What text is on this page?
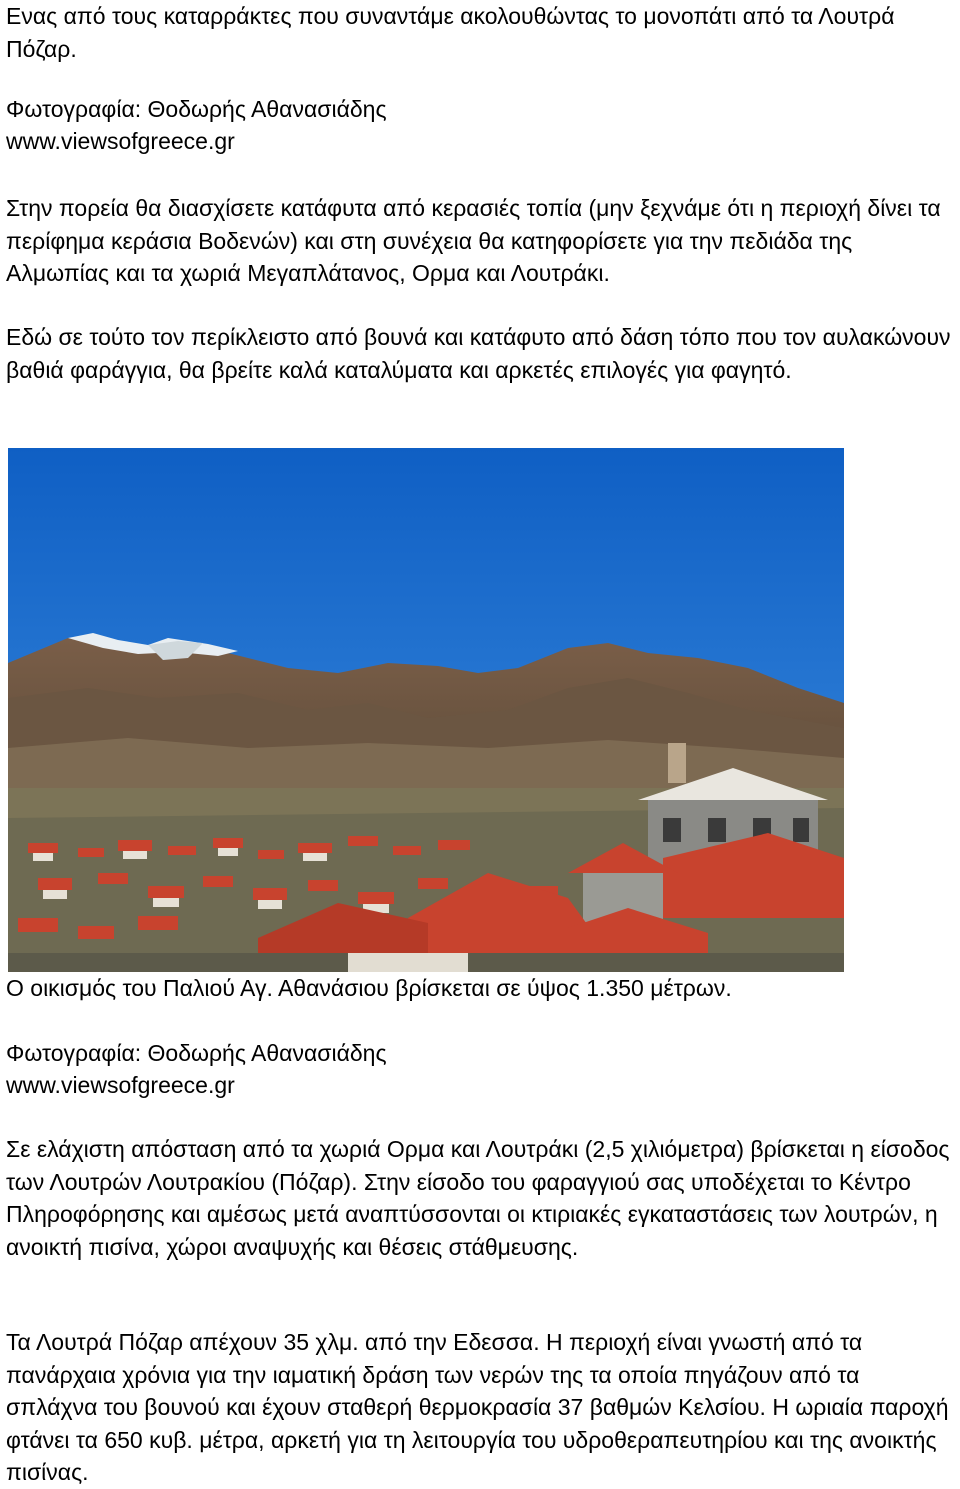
Ενας από τους καταρράκτες που συναντάμε ακολουθώντας το μονοπάτι από τα Λουτρά Πόζαρ.

Φωτογραφία: Θοδωρής Αθανασιάδης

www.viewsofgreece.gr

Στην πορεία θα διασχίσετε κατάφυτα από κερασιές τοπία (μην ξεχνάμε ότι η περιοχή δίνει τα περίφημα κεράσια Βοδενών) και στη συνέχεια θα κατηφορίσετε για την πεδιάδα της Αλμωπίας και τα χωριά Μεγαπλάτανος, Ορμα και Λουτράκι.

Εδώ σε τούτο τον περίκλειστο από βουνά και κατάφυτο από δάση τόπο που τον αυλακώνουν βαθιά φαράγγια, θα βρείτε καλά καταλύματα και αρκετές επιλογές για φαγητό.

Ο οικισμός του Παλιού Αγ. Αθανάσιου βρίσκεται σε ύψος 1.350 μέτρων.

Φωτογραφία: Θοδωρής Αθανασιάδης

www.viewsofgreece.gr

Σε ελάχιστη απόσταση από τα χωριά Ορμα και Λουτράκι (2,5 χιλιόμετρα) βρίσκεται η είσοδος των Λουτρών Λουτρακίου (Πόζαρ). Στην είσοδο του φαραγγιού σας υποδέχεται το Κέντρο Πληροφόρησης και αμέσως μετά αναπτύσσονται οι κτιριακές εγκαταστάσεις των λουτρών, η ανοικτή πισίνα, χώροι αναψυχής και θέσεις στάθμευσης.

Τα Λουτρά Πόζαρ απέχουν 35 χλμ. από την Εδεσσα. Η περιοχή είναι γνωστή από τα πανάρχαια χρόνια για την ιαματική δράση των νερών της τα οποία πηγάζουν από τα σπλάχνα του βουνού και έχουν σταθερή θερμοκρασία 37 βαθμών Κελσίου. Η ωριαία παροχή φτάνει τα 650 κυβ. μέτρα, αρκετή για τη λειτουργία του υδροθεραπευτηρίου και της ανοικτής πισίνας.
